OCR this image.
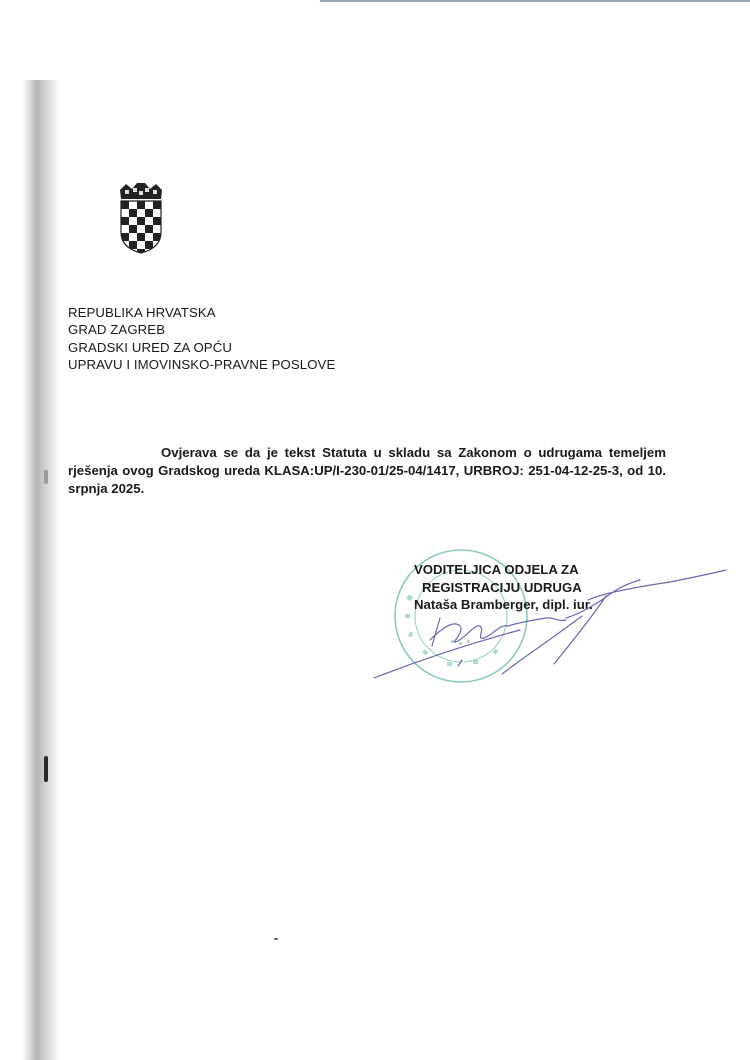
REPUBLIKA HRVATSKA
GRAD ZAGREB
GRADSKI URED ZA OPĆU
UPRAVU I IMOVINSKO-PRAVNE POSLOVE
Ovjerava se da je tekst Statuta u skladu sa Zakonom o udrugama temeljem rješenja ovog Gradskog ureda KLASA:UP/I-230-01/25-04/1417, URBROJ: 251-04-12-25-3, od 10. srpnja 2025.
VODITELJICA ODJELA ZA
REGISTRACIJU UDRUGA
Nataša Bramberger, dipl. iur.
